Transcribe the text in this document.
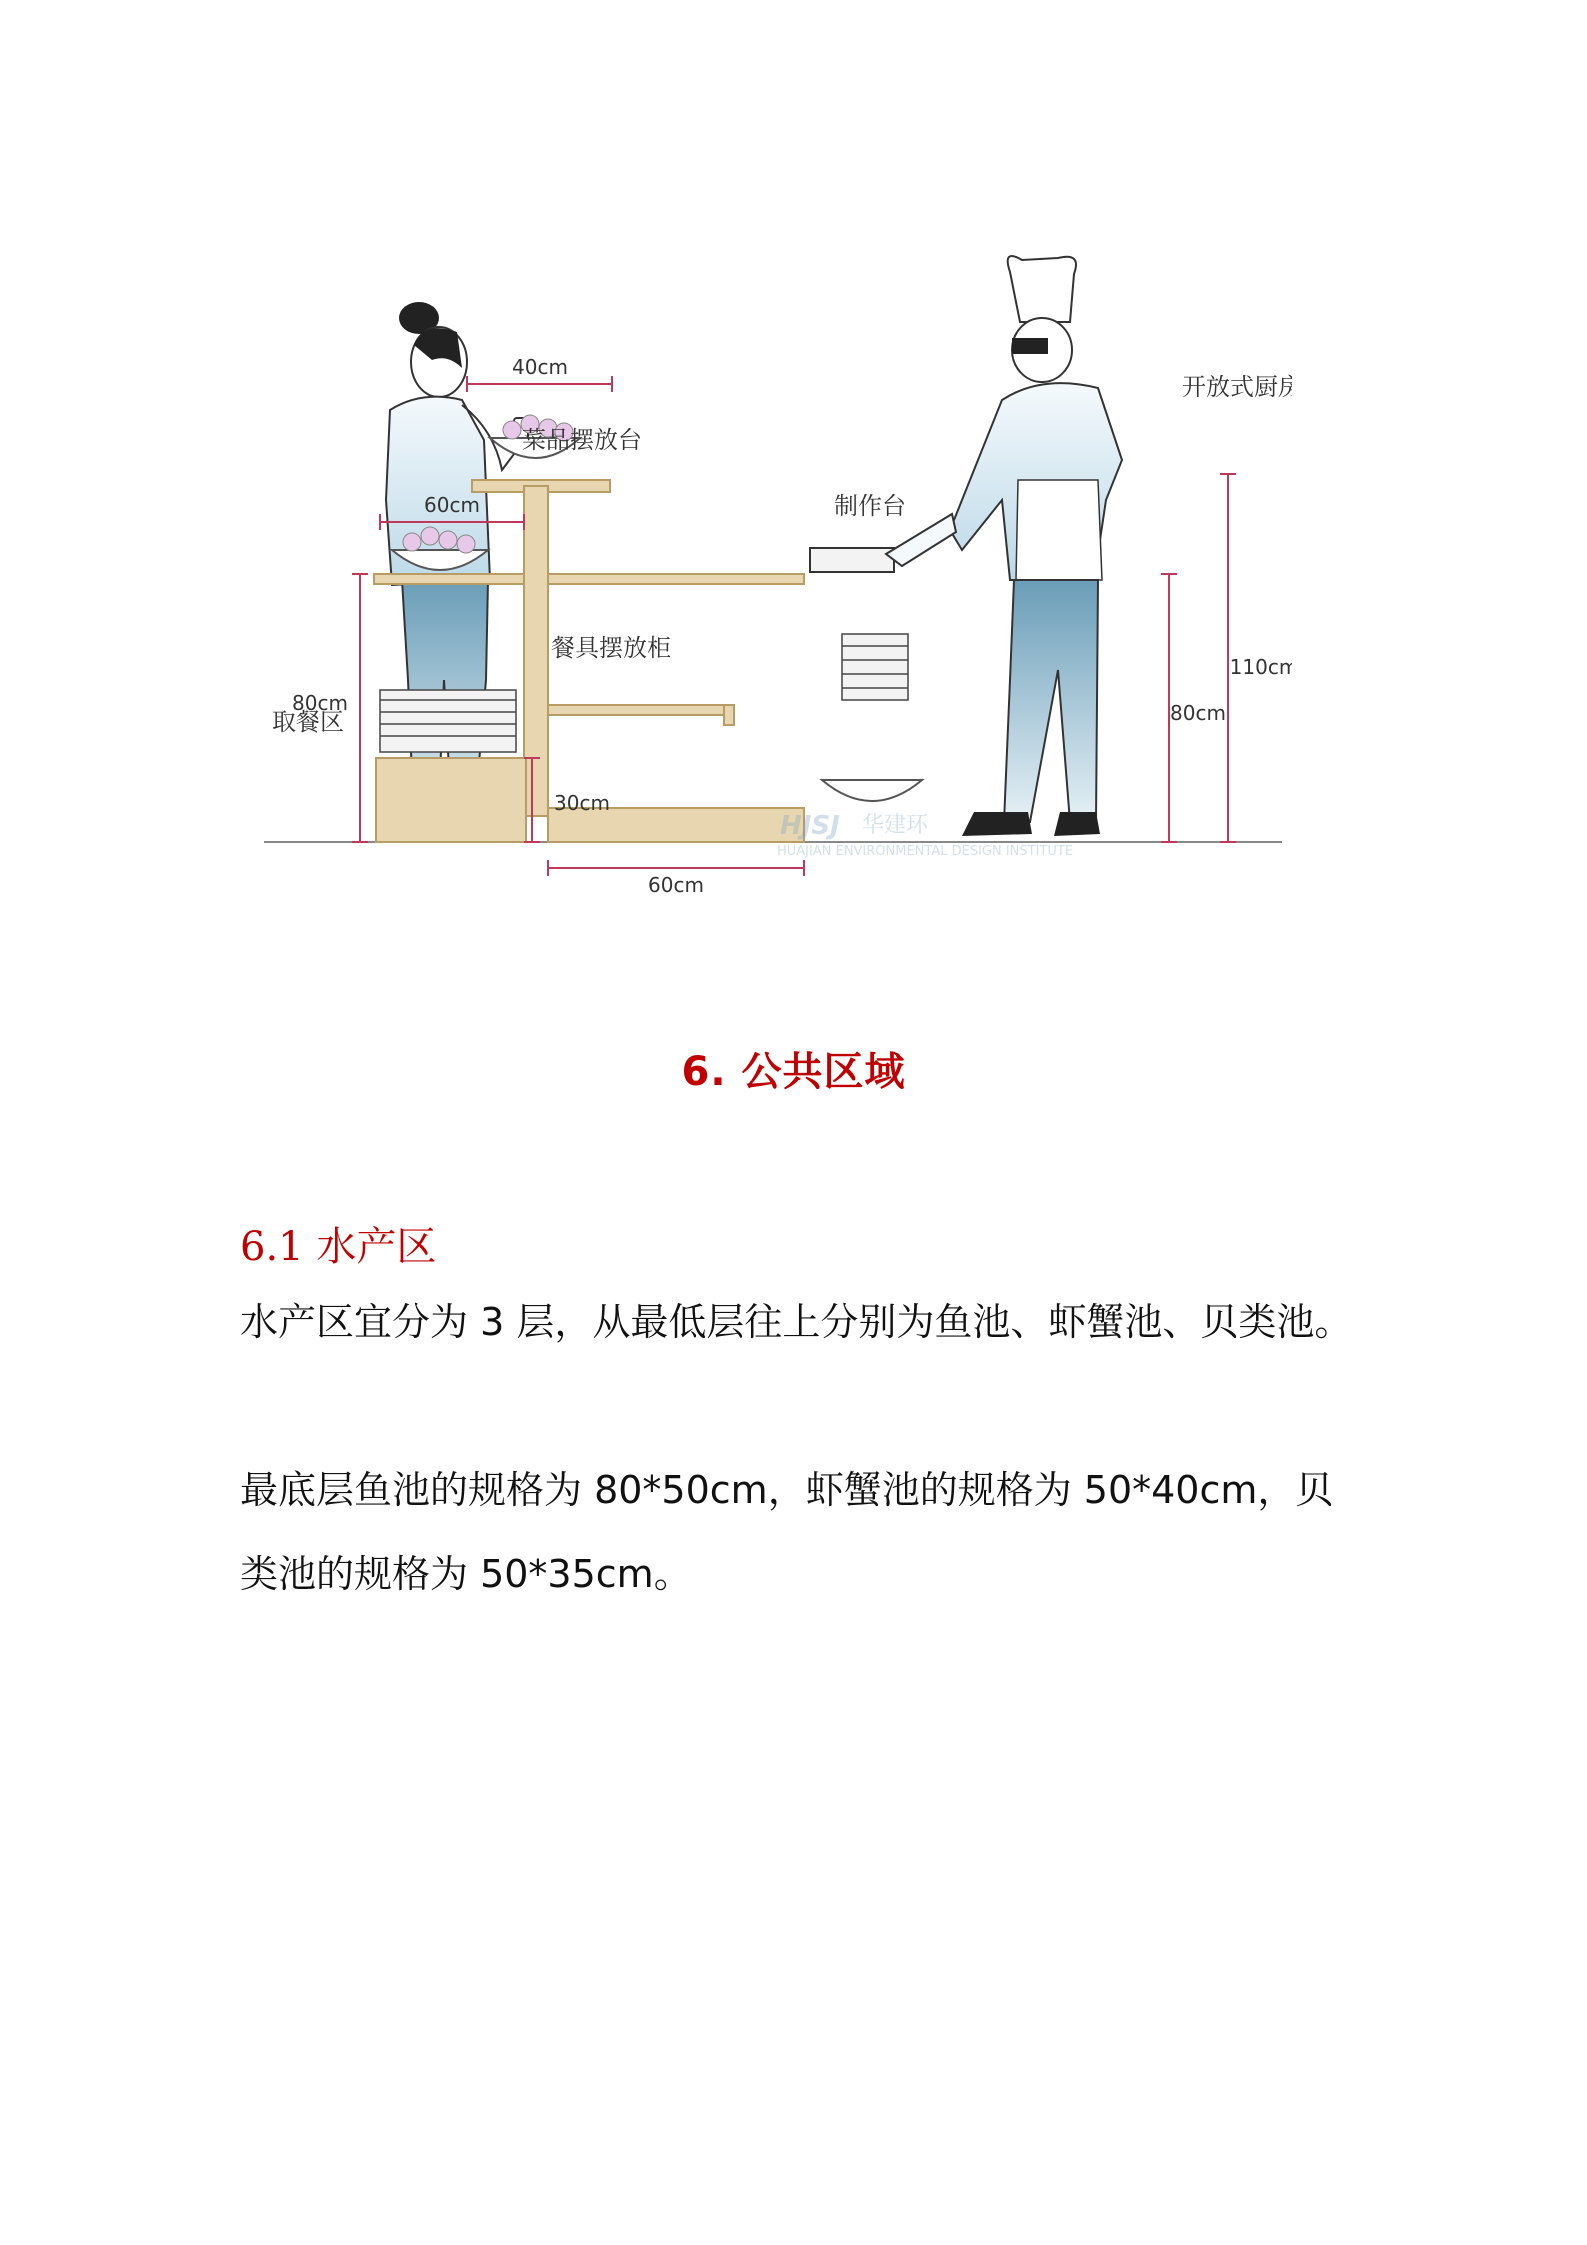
菜品摆放台
开放式厨房
制作台
餐具摆放柜
取餐区
40cm
60cm
80cm
30cm
60cm
110cm
80cm
HJSJ 华建环
HUAJIAN ENVIRONMENTAL DESIGN INSTITUTE
6. 公共区域
6.1 水产区
水产区宜分为 3 层，从最低层往上分别为鱼池、虾蟹池、贝类池。
最底层鱼池的规格为 80*50cm，虾蟹池的规格为 50*40cm，贝类池的规格为 50*35cm。
